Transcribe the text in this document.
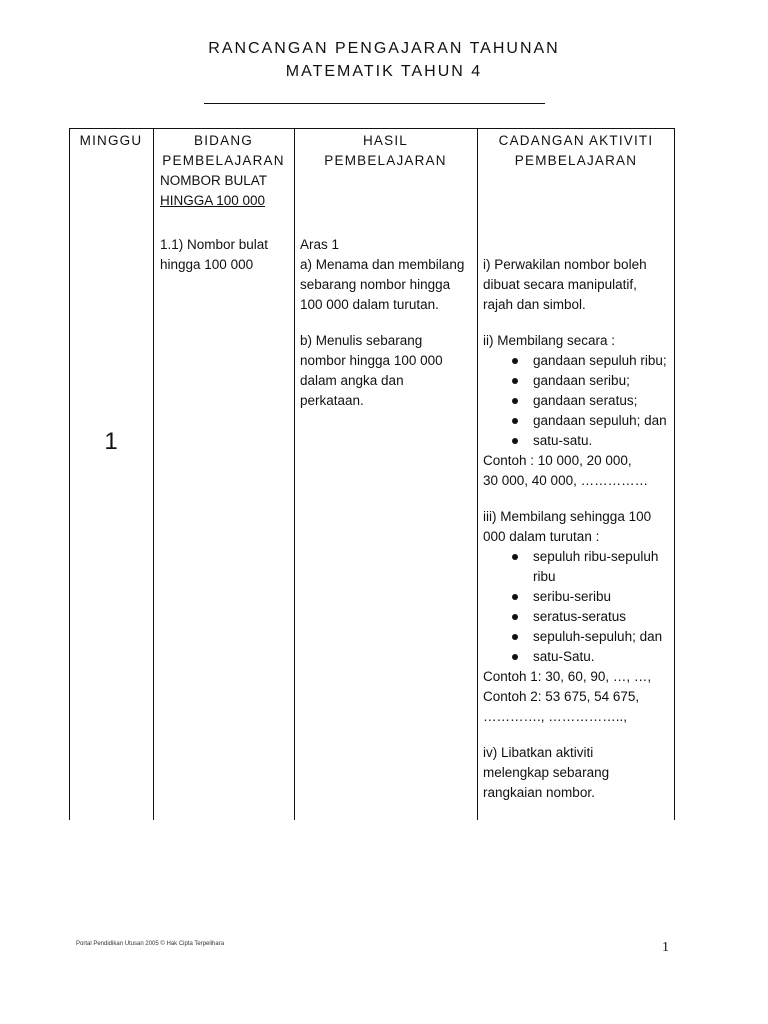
RANCANGAN PENGAJARAN TAHUNAN
MATEMATIK TAHUN 4
MINGGU	BIDANG
PEMBELAJARAN
NOMBOR BULAT
HINGGA 100 000
1.1) Nombor bulat
hingga 100 000
HASIL
PEMBELAJARAN
Aras 1
a) Menama dan membilang
sebarang nombor hingga
100 000 dalam turutan.
b) Menulis sebarang
nombor hingga 100 000
dalam angka dan
perkataan.
CADANGAN AKTIVITI
PEMBELAJARAN
i) Perwakilan nombor boleh
dibuat secara manipulatif,
rajah dan simbol.
ii) Membilang secara :
gandaan sepuluh ribu;
gandaan seribu;
gandaan seratus;
gandaan sepuluh; dan
satu-satu.
Contoh : 10 000, 20 000,
30 000, 40 000, ……………
iii) Membilang sehingga 100
000 dalam turutan :
sepuluh ribu-sepuluh
ribu
seribu-seribu
seratus-seratus
sepuluh-sepuluh; dan
satu-Satu.
Contoh 1: 30, 60, 90, …, …,
Contoh 2: 53 675, 54 675,
…………., ……………..,
iv) Libatkan aktiviti
melengkap sebarang
rangkaian nombor.
1
Portal Pendidikan Utusan 2005 © Hak Cipta Terpelihara	1
